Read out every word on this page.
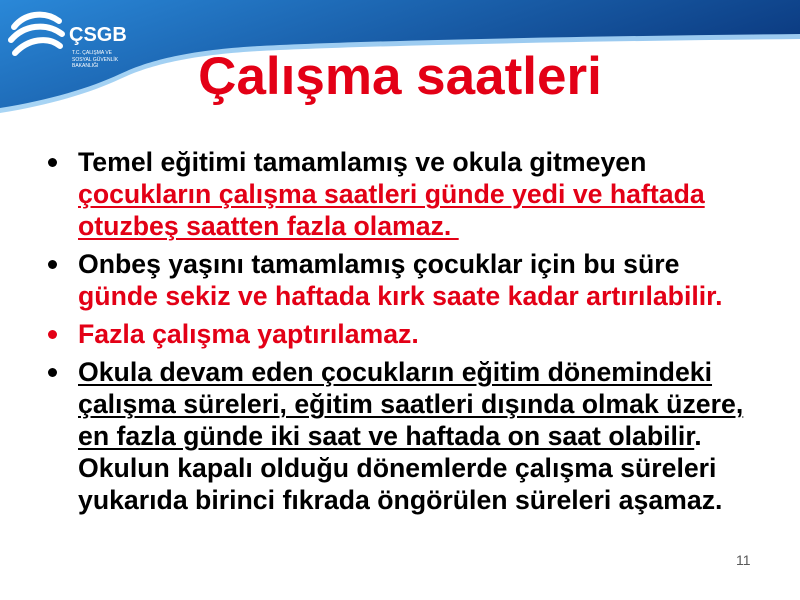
ÇSGB
T.C. ÇALIŞMA VE
SOSYAL GÜVENLİK
BAKANLIĞI	Çalışma saatleri
Temel eğitimi tamamlamış ve okula gitmeyen
çocukların çalışma saatleri günde yedi ve haftada
otuzbeş saatten fazla olamaz.
Onbeş yaşını tamamlamış çocuklar için bu süre
günde sekiz ve haftada kırk saate kadar artırılabilir.
Fazla çalışma yaptırılamaz.
Okula devam eden çocukların eğitim dönemindeki
çalışma süreleri, eğitim saatleri dışında olmak üzere,
en fazla günde iki saat ve haftada on saat olabilir.
Okulun kapalı olduğu dönemlerde çalışma süreleri
yukarıda birinci fıkrada öngörülen süreleri aşamaz.
11
